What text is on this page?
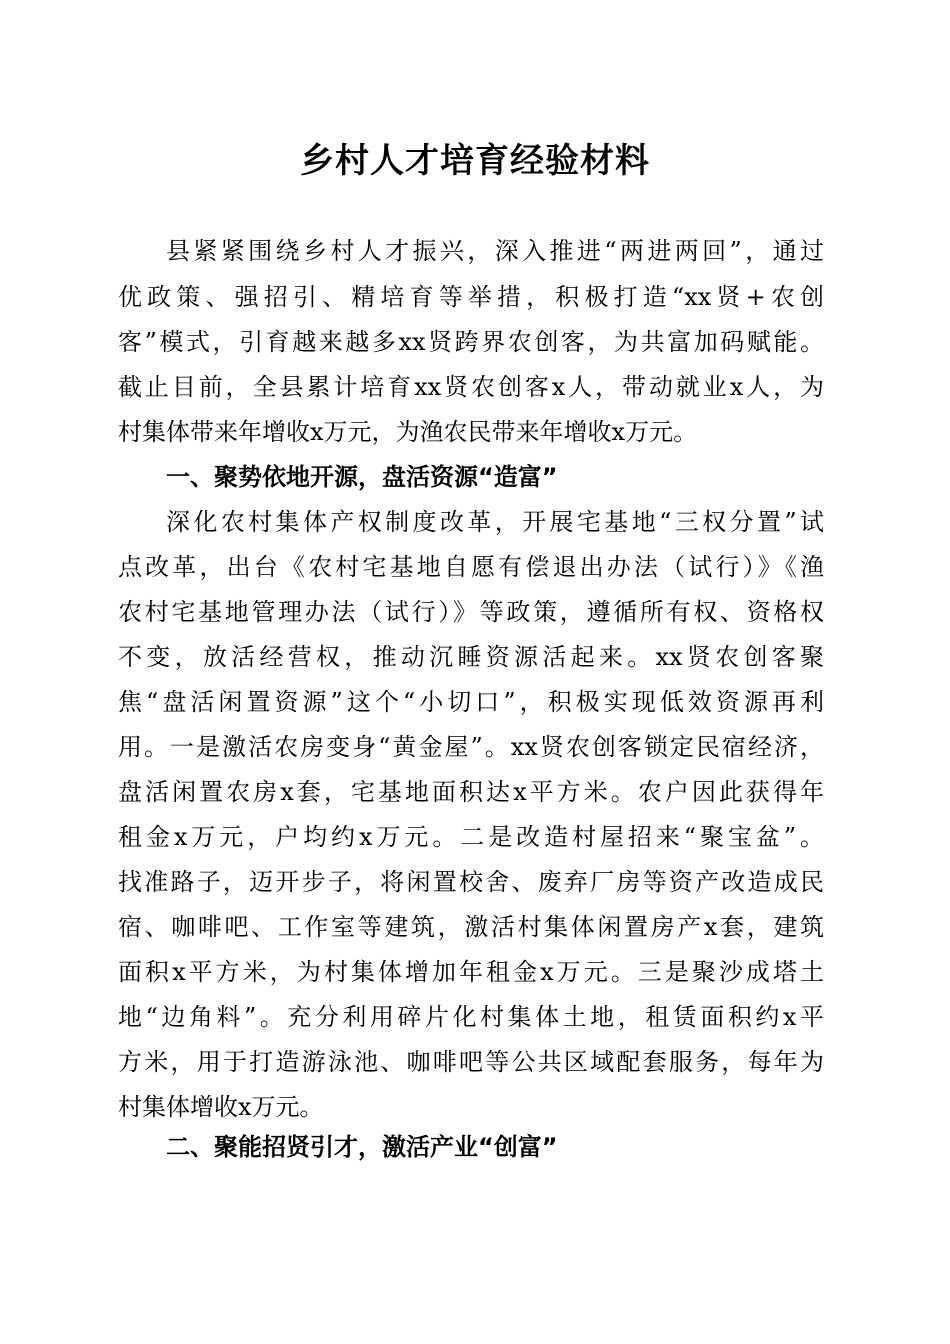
乡村人才培育经验材料
县紧紧围绕乡村人才振兴，深入推进“两进两回”，通过
优政策、强招引、精培育等举措，积极打造“xx贤+农创
客”模式，引育越来越多xx贤跨界农创客，为共富加码赋能。
截止目前，全县累计培育xx贤农创客x人，带动就业x人，为
村集体带来年增收x万元，为渔农民带来年增收x万元。
一、聚势依地开源，盘活资源“造富”
深化农村集体产权制度改革，开展宅基地“三权分置”试
点改革，出台《农村宅基地自愿有偿退出办法（试行）》《渔
农村宅基地管理办法（试行）》等政策，遵循所有权、资格权
不变，放活经营权，推动沉睡资源活起来。xx贤农创客聚
焦“盘活闲置资源”这个“小切口”，积极实现低效资源再利
用。一是激活农房变身“黄金屋”。xx贤农创客锁定民宿经济，
盘活闲置农房x套，宅基地面积达x平方米。农户因此获得年
租金x万元，户均约x万元。二是改造村屋招来“聚宝盆”。
找准路子，迈开步子，将闲置校舍、废弃厂房等资产改造成民
宿、咖啡吧、工作室等建筑，激活村集体闲置房产x套，建筑
面积x平方米，为村集体增加年租金x万元。三是聚沙成塔土
地“边角料”。充分利用碎片化村集体土地，租赁面积约x平
方米，用于打造游泳池、咖啡吧等公共区域配套服务，每年为
村集体增收x万元。
二、聚能招贤引才，激活产业“创富”
